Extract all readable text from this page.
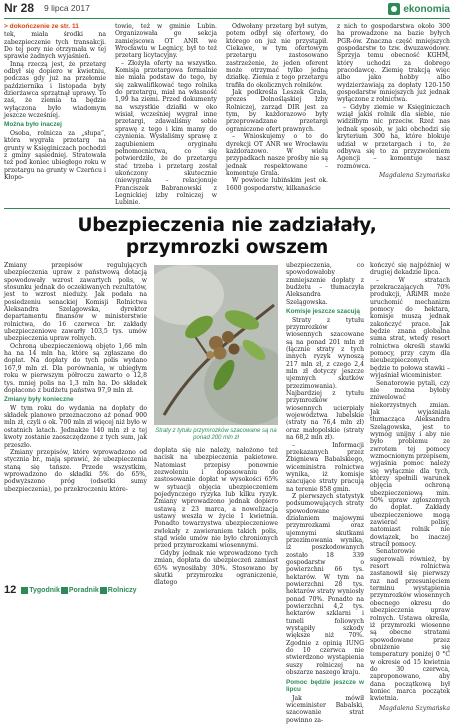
Nr 28 9 lipca 2017	ekonomia
> dokończenie ze str. 11

tek, miała środki na zabezpieczenie tych transakcji. Do tej pory nie otrzymała w tej sprawie żadnych wyjaśnień.

Inną rzeczą jest, że przetarg odbył się dopiero w kwietniu, podczas gdy już na przełomie października i listopada były dzierżawca sprzątnął uprawy. To zaś, że ziemia ta będzie wyłączona było wiadomym jeszcze wcześniej.

Można było inaczej

Osoba, rolnicza za „słupa”, która wygrała przetarg na grunty w Księginiczach pochodzi z gminy sąsiedniej. Stratowała też pod koniec ubiegłego roku w przetargu na grunty w Czerńcu i Kłopo-

towie, też w gminie Lubin. Organizowała go sekcja zamiejscowa OT ANR we Wrocławiu w Legnicy, był to też przetarg licytacyjny.

– Złożyła oferty na wszystko. Komisja przetargowa formalnie nie miała podstaw do tego, by się zakwalifikować tego rolnika do przetargu, miał na własność 1,99 ha ziemi. Przed dokumenty na wszystkie działki w oko wisiał, wcześniej wygrał inne przetargi, zdawaliśmy sobie sprawę z tego i kim mamy do czynienia. Wysłaliśmy sprawę z zagubieniem oryginału pełnomocnictwa, co się potwierdziło, że do przetargu stać trzeba i przetarg został ukończony skutecznie (niewygrała – relacjonuje Franciszek Babranowski z Legnickiej izby rolniczej w Lubinie.

Odwołany przetarg był sutym, potem odbył się ofertowy, do którego on już nie przystąpił. Ciekawe, w tym ofertowym przetargu zastosowano zastrzeżenie, że jeden oferent może otrzymać tylko jedną działkę. Ziemia z tego przetargu trafiła do okolicznych rolników.

Jak podkreśla Leszek Grala, prezes Dolnośląskiej Izby Rolniczej, zarząd DIR jest za tym, by każdorazowo były przeprowadzane przetargi ograniczone ofert prawnych.

– Wnioskujemy o to do dyrekcji OT ANR we Wrocławiu każdorazowo. W wielu przypadkach nasze prośby nie są jednak respektowane – komentuje Grala.

W powiecie lubińskim jest ok. 1600 gospodarstw, kilkanaście

z nich to gospodarstwa około 300 ha prowadzone na bazie byłych PGR-ów. Znaczna część mniejszych gospodarstw to tzw. dwuzawodowy. Sprzyja temu obecność KGHM, który uchodzi za dobrego pracodawcę. Ziemię trakcją więc albo jako hobby albo wydzierżawiają za dopłaty 120-150 gospodarstw mniejszych już jednak wyłączone z rolnictwa.

– Gdyby ziemie w Księginiczach wziął jakiś rolnik dla siebie, nie widziłbym nic przeciw. Rzeź nas jednak sposób, w jaki obchodzi się kryterium 300 ha, które blokuje udział w przetargach i to, że odbywa się to za przyzwoleniem Agencji – komentuje nasz rozmówca.

Magdalena Szymańska
Ubezpieczenia nie zadziałały,
przymrozki owszem

Zmiany przepisów regulujących ubezpieczenia upraw z państwową dotacją spowodowały wzrost zawartych polis, w stosunku jednak do oczekiwanych rezultatów, jest to wzrost nieduży. Jak podała na posiedzeniu senackiej Komisji Rolnictwa Aleksandra Szelągowska, dyrektor departamentu finansów w ministerstwie rolnictwa, do 16 czerwca br. zakłady ubezpieczeniowe zawarły 103,5 tys. umów ubezpieczenia upraw rolnych.

Ochroną ubezpieczeniową objęto 1,66 mln ha na 14 mln ha, które są zgłaszane do dopłat. Na dopłaty do tych polis wydano 167,9 mln zł. Dla porównania, w ubiegłym roku w pierwszym półroczu zawarto o 12,8 tys. mniej polis na 1,3 mln ha. Do składek dopłacono z budżetu państwa 97,9 mln zł.

Zmiany były konieczne

W tym roku do wydania na dopłaty do składek planowo przeznaczono aż ponad 900 mln zł, czyli o ok. 700 mln zł więcej niż było w ostatnich latach. Jednakże 140 mln zł z tej kwoty zostanie zaoszczędzone z tych sum, jak przeszło.

Zmiany przepisów, które wprowadzono od stycznia br., mają sprawić, że ubezpieczenia staną się tańsze. Przede wszystkim, wprowadzono do składki 5% do 65%, podwyższono próg (odsetki sumy ubezpieczenia), po przekroczeniu które-

Straty z tytułu przymrozków szacowane są na ponad 200 mln zł

dopłata się nie należy, nałożono też nacisk na ubezpieczenia pakietowe. Natomiast przepisy ponownie zezwoleniu i dopasowaniu do zastosowanie dopłat w wysokości 65% w sytuacji objęcia ubezpieczeniem pojedynczego ryzyka lub kilku ryzyk. Zmiany wprowadzono jednak dopiero ustawą z 23 marca, a nowelizacja ustawy weszła w życie 1 kwietnia. Ponadto towarzystwa ubezpieczeniowe zwlekały z zawieraniem takich polis, stąd wiele umów nie było chronionych przed przymrozkami wiosennymi.

Gdyby jednak nie wprowadzono tych zmian, dopłata do ubezpieczeń zamiast 65% wynosiłaby 30%. Stosowano by skutki przymrozku ograniczenie, dlatego

ubezpieczenia, co spowodowałoby zmniejszenie dopłaty z budżetu – tłumaczyła Aleksandra Szelągowska.

Komisje jeszcze szacują

Straty z tytułu przymrozków wiosennych szacowane są na ponad 201 mln zł (łącznie straty z tych innych ryzyk wynoszą 217 mln zł, z czego 2,4 mln zł dotyczy jeszcze ujemnych skutków przezimowania). Najbardziej z tytułu przymrozków wiosennych ucierpiały województwa lubelskie (straty na 76,4 mln zł) oraz małopolskie (straty na 68,2 mln zł).

– Informacji przekazanych przez Zbigniewa Babalskiego, wiceministra rolnictwa wynika, iż komisje szacujące straty pracują na terenie 858 gmin.

Z pierwszych statystyk podsumowujących straty spowodowane działaniem majowymi przymrozkami oraz ujemnymi skutkami przezimowania wynika, iż poszkodowanych zostało 18 339 gospodarstw o powierzchni 66 tys. hektarów. W tym na powierzchni 28 tys. hektarów straty wyniosły ponad 70%. Ponadto na powierzchni 4,2 tys. hektarów szklarni i tuneli foliowych wystąpiły szkody większe niż 70%. Zgodnie z opinią IUNG do 10 czerwca nie stwierdzono wystąpienia suszy rolniczej na obszarze naszego kraju.

Pomoc będzie jeszcze w lipcu

Jak mówił wiceminister Babalski, szacowanie strat powinno za-

kończyć się najpóźniej w drugiej dekadzie lipca.

– W stratach przekraczających 70% produkcji, ARiMR może uruchomić mechanizm pomocy do hektara, komisje muszą jednak zakończyć prace. Jak będzie znana globalna suma strat, wtedy resort rolnictwa określi stawki pomocy, przy czym dla nieubezpieczonych będzie to połowa stawki – wyjaśniał wiceminister.

Senatorowie pytali, czy nie można byłoby zniwelować niekorzystnych zmian. Jak wyjaśniała tłumacząca Aleksandra Szelągowska, jest to wymóg unijny i aby nie było problemu ze zwrotem tej pomocy wzmocnionym przepisem, wyjaśnia pomoc należy się wyłącznie dla tych, którzy spełnili warunek objęcia ochroną ubezpieczeniową min. 50% upraw zgłoszonych do dopłat. Zakłady ubezpieczeniowe mogą zawierać polisy, natomiast rolnik nie dowiązek, bo inaczej stracił pomocy.

Senatorowie sugerowali również, by resort rolnictwa zastanowił się pierwszy raz nad przesunięciem terminu wystąpienia przymrozków wiosennych obecnego okresu do ubezpieczenia upraw rolnych. Ustawa określa, iż przymrozki wiosenne są obecne stratami spowodowane przez obniżenie się temperatury poniżej 0 °C w okresie od 15 kwietnia do 30 czerwca, zaproponowano, aby dana początkową był koniec marca początek kwietnia.

Magdalena Szymańska
12 Tygodnik Poradnik Rolniczy
